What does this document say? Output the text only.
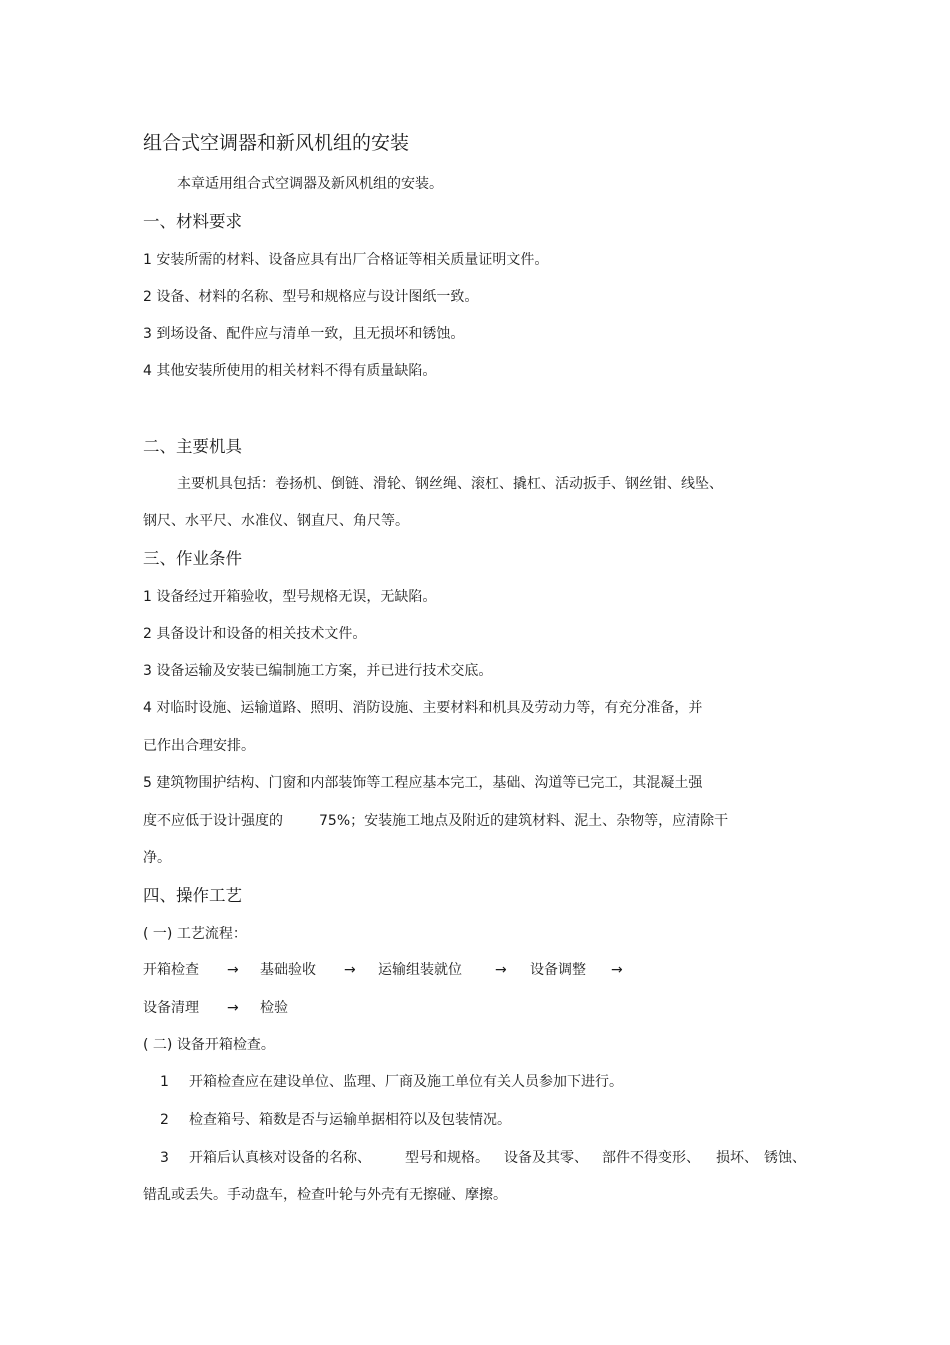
组合式空调器和新风机组的安装
本章适用组合式空调器及新风机组的安装。
一、材料要求
1 安装所需的材料、设备应具有出厂合格证等相关质量证明文件。
2 设备、材料的名称、型号和规格应与设计图纸一致。
3 到场设备、配件应与清单一致，且无损坏和锈蚀。
4 其他安装所使用的相关材料不得有质量缺陷。
二、主要机具
主要机具包括：卷扬机、倒链、滑轮、钢丝绳、滚杠、撬杠、活动扳手、钢丝钳、线坠、
钢尺、水平尺、水准仪、钢直尺、角尺等。
三、作业条件
1 设备经过开箱验收，型号规格无误，无缺陷。
2 具备设计和设备的相关技术文件。
3 设备运输及安装已编制施工方案，并已进行技术交底。
4 对临时设施、运输道路、照明、消防设施、主要材料和机具及劳动力等，有充分准备，并
已作出合理安排。
5 建筑物围护结构、门窗和内部装饰等工程应基本完工，基础、沟道等已完工，其混凝土强
度不应低于设计强度的	75%；安装施工地点及附近的建筑材料、泥土、杂物等，应清除干
净。
四、操作工艺
( 一) 工艺流程：
开箱检查 → 基础验收 → 运输组装就位 → 设备调整 →
设备清理 → 检验
( 二) 设备开箱检查。
1 开箱检查应在建设单位、监理、厂商及施工单位有关人员参加下进行。
2 检查箱号、箱数是否与运输单据相符以及包装情况。
3 开箱后认真核对设备的名称、 型号和规格。 设备及其零、 部件不得变形、 损坏、 锈蚀、
错乱或丢失。手动盘车，检查叶轮与外壳有无擦碰、摩擦。
